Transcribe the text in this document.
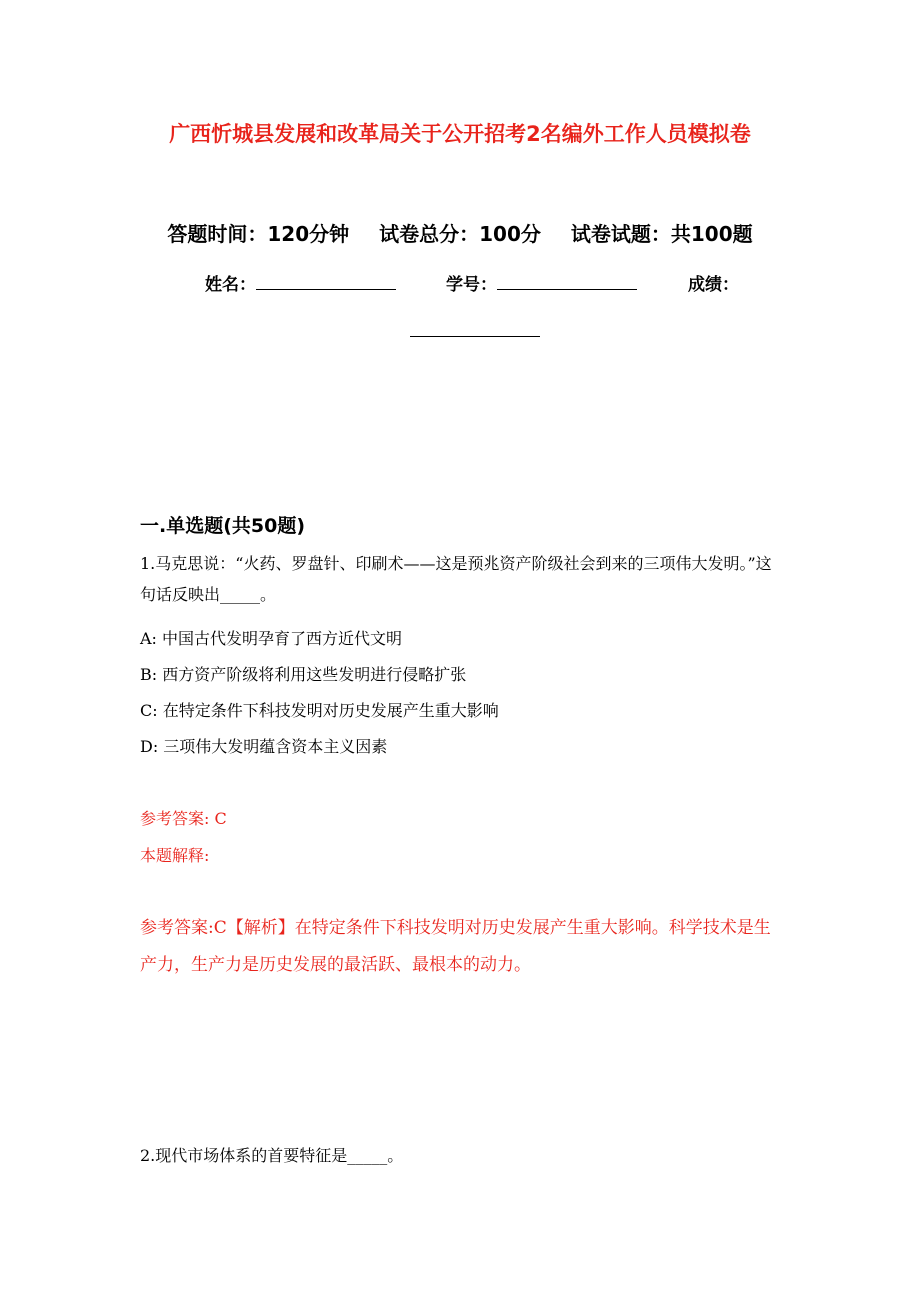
广西忻城县发展和改革局关于公开招考2名编外工作人员模拟卷
答题时间：120分钟 试卷总分：100分 试卷试题：共100题
姓名：	学号：	成绩：
一.单选题(共50题)
1.马克思说：“火药、罗盘针、印刷术——这是预兆资产阶级社会到来的三项伟大发明。”这句话反映出_____。
A: 中国古代发明孕育了西方近代文明
B: 西方资产阶级将利用这些发明进行侵略扩张
C: 在特定条件下科技发明对历史发展产生重大影响
D: 三项伟大发明蕴含资本主义因素
参考答案: C
本题解释:
参考答案:C【解析】在特定条件下科技发明对历史发展产生重大影响。科学技术是生产力，生产力是历史发展的最活跃、最根本的动力。
2.现代市场体系的首要特征是_____。
